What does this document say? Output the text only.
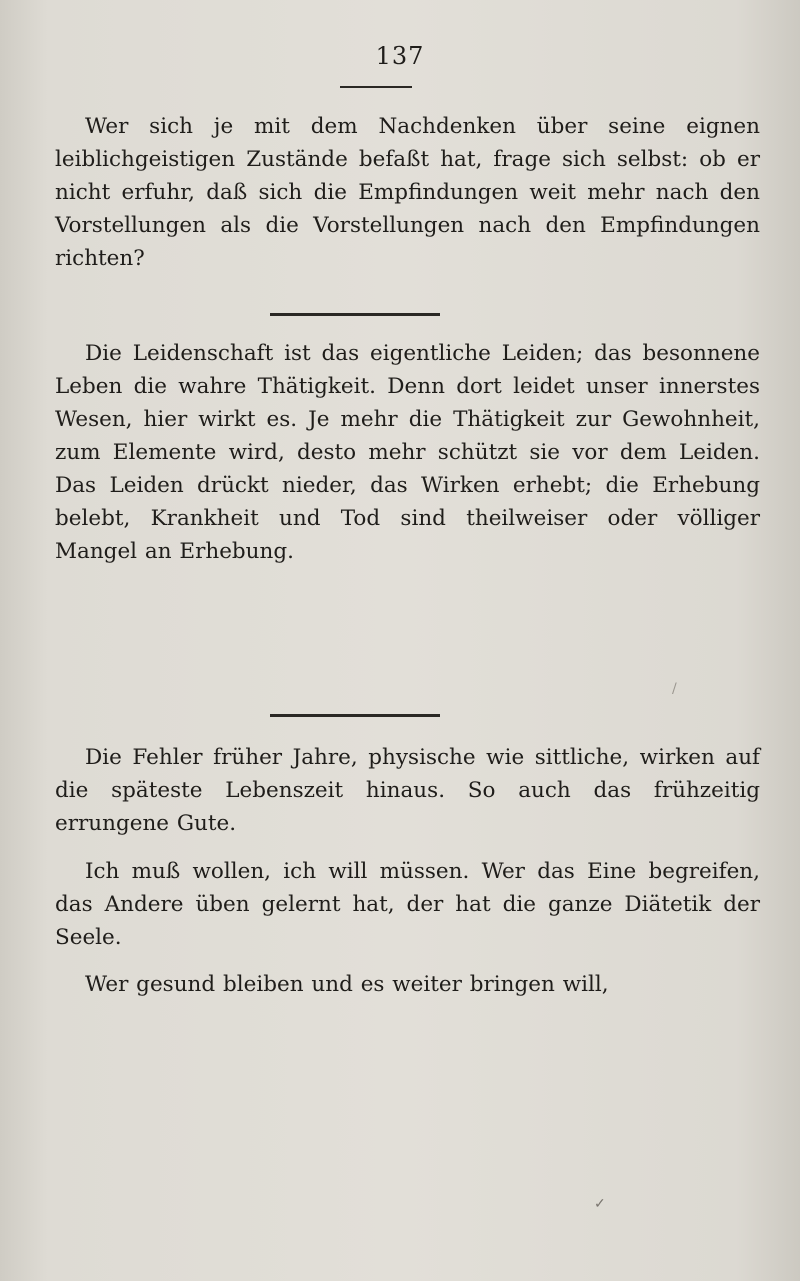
137

Wer sich je mit dem Nachdenken über seine eignen leiblichgeistigen Zustände befaßt hat, frage sich selbst: ob er nicht erfuhr, daß sich die Empfindungen weit mehr nach den Vorstellungen als die Vorstellungen nach den Empfindungen richten?

Die Leidenschaft ist das eigentliche Leiden; das besonnene Leben die wahre Thätigkeit. Denn dort leidet unser innerstes Wesen, hier wirkt es. Je mehr die Thätigkeit zur Gewohnheit, zum Elemente wird, desto mehr schützt sie vor dem Leiden. Das Leiden drückt nieder, das Wirken erhebt; die Erhebung belebt, Krankheit und Tod sind theilweiser oder völliger Mangel an Erhebung.

Die Fehler früher Jahre, physische wie sittliche, wirken auf die späteste Lebenszeit hinaus. So auch das frühzeitig errungene Gute.

Ich muß wollen, ich will müssen. Wer das Eine begreifen, das Andere üben gelernt hat, der hat die ganze Diätetik der Seele.

Wer gesund bleiben und es weiter bringen will,

/
✓
